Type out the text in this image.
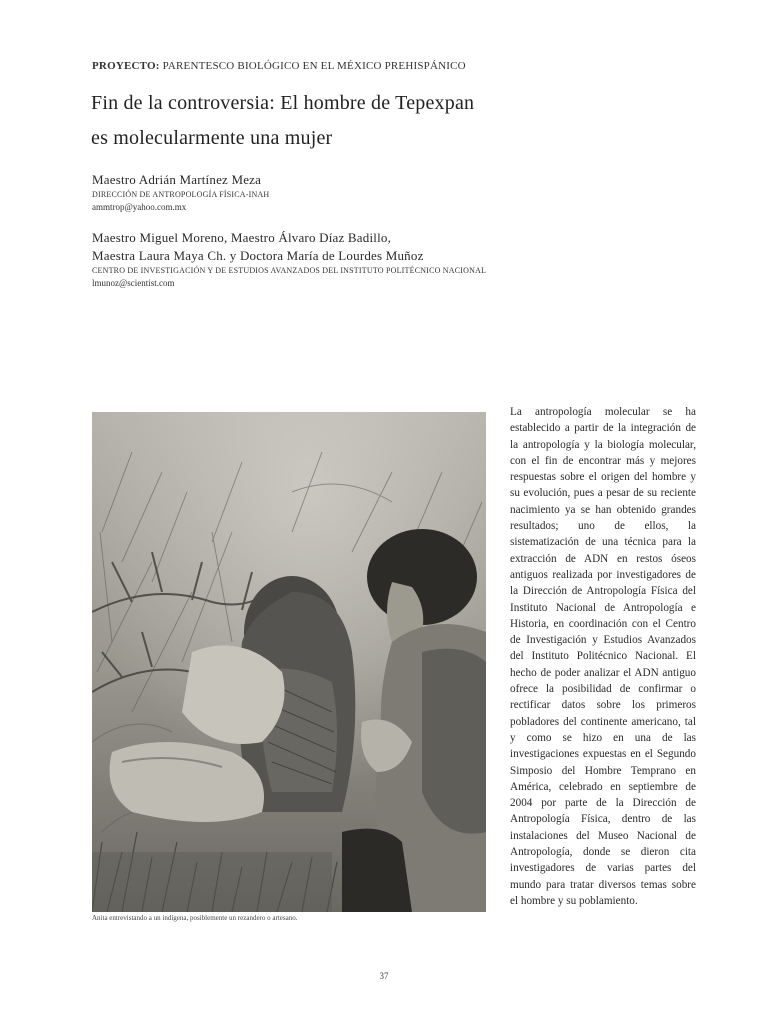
PROYECTO: PARENTESCO BIOLÓGICO EN EL MÉXICO PREHISPÁNICO
Fin de la controversia: El hombre de Tepexpan
es molecularmente una mujer
Maestro Adrián Martínez Meza
DIRECCIÓN DE ANTROPOLOGÍA FÍSICA-INAH
ammtrop@yahoo.com.mx
Maestro Miguel Moreno, Maestro Álvaro Díaz Badillo,
Maestra Laura Maya Ch. y Doctora María de Lourdes Muñoz
CENTRO DE INVESTIGACIÓN Y DE ESTUDIOS AVANZADOS DEL INSTITUTO POLITÉCNICO NACIONAL
lmunoz@scientist.com
Anita entrevistando a un indígena, posiblemente un rezandero o artesano.
La antropología molecular se ha establecido a partir de la integración de la antropología y la biología molecular, con el fin de encontrar más y mejores respuestas sobre el origen del hombre y su evolución, pues a pesar de su reciente nacimiento ya se han obtenido grandes resultados; uno de ellos, la sistematización de una técnica para la extracción de ADN en restos óseos antiguos realizada por investigadores de la Dirección de Antropología Física del Instituto Nacional de Antropología e Historia, en coordinación con el Centro de Investigación y Estudios Avanzados del Instituto Politécnico Nacional. El hecho de poder analizar el ADN antiguo ofrece la posibilidad de confirmar o rectificar datos sobre los primeros pobladores del continente americano, tal y como se hizo en una de las investigaciones expuestas en el Segundo Simposio del Hombre Temprano en América, celebrado en septiembre de 2004 por parte de la Dirección de Antropología Física, dentro de las instalaciones del Museo Nacional de Antropología, donde se dieron cita investigadores de varias partes del mundo para tratar diversos temas sobre el hombre y su poblamiento.
37
